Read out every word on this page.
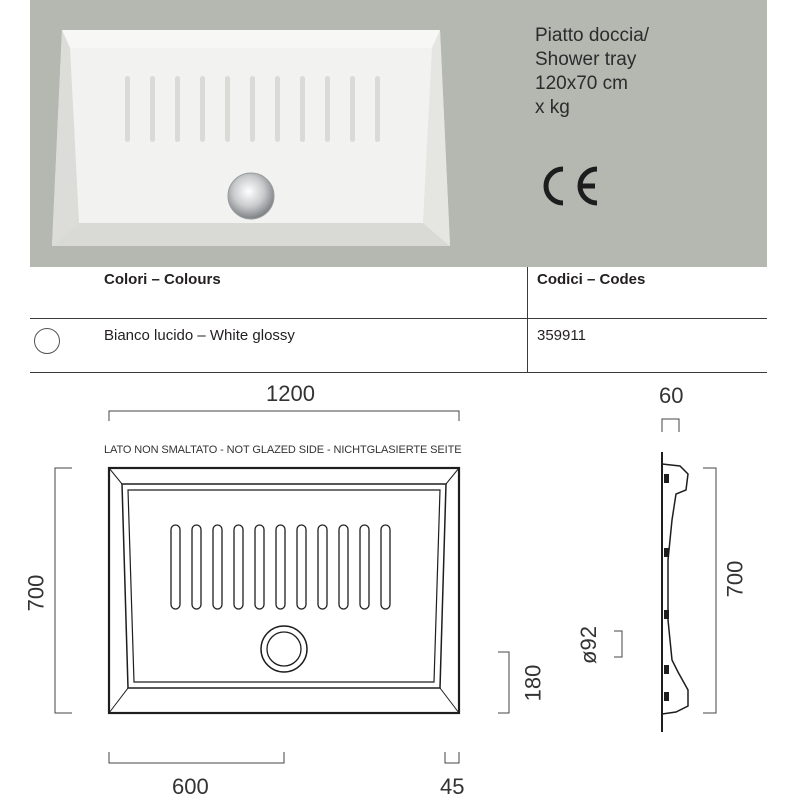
Piatto doccia/
Shower tray
120x70 cm
x kg
Colori – Colours	Codici – Codes
Bianco lucido – White glossy	359911
LATO NON SMALTATO - NOT GLAZED SIDE - NICHTGLASIERTE SEITE
1200
700
600	45
180
60
700
ø92
